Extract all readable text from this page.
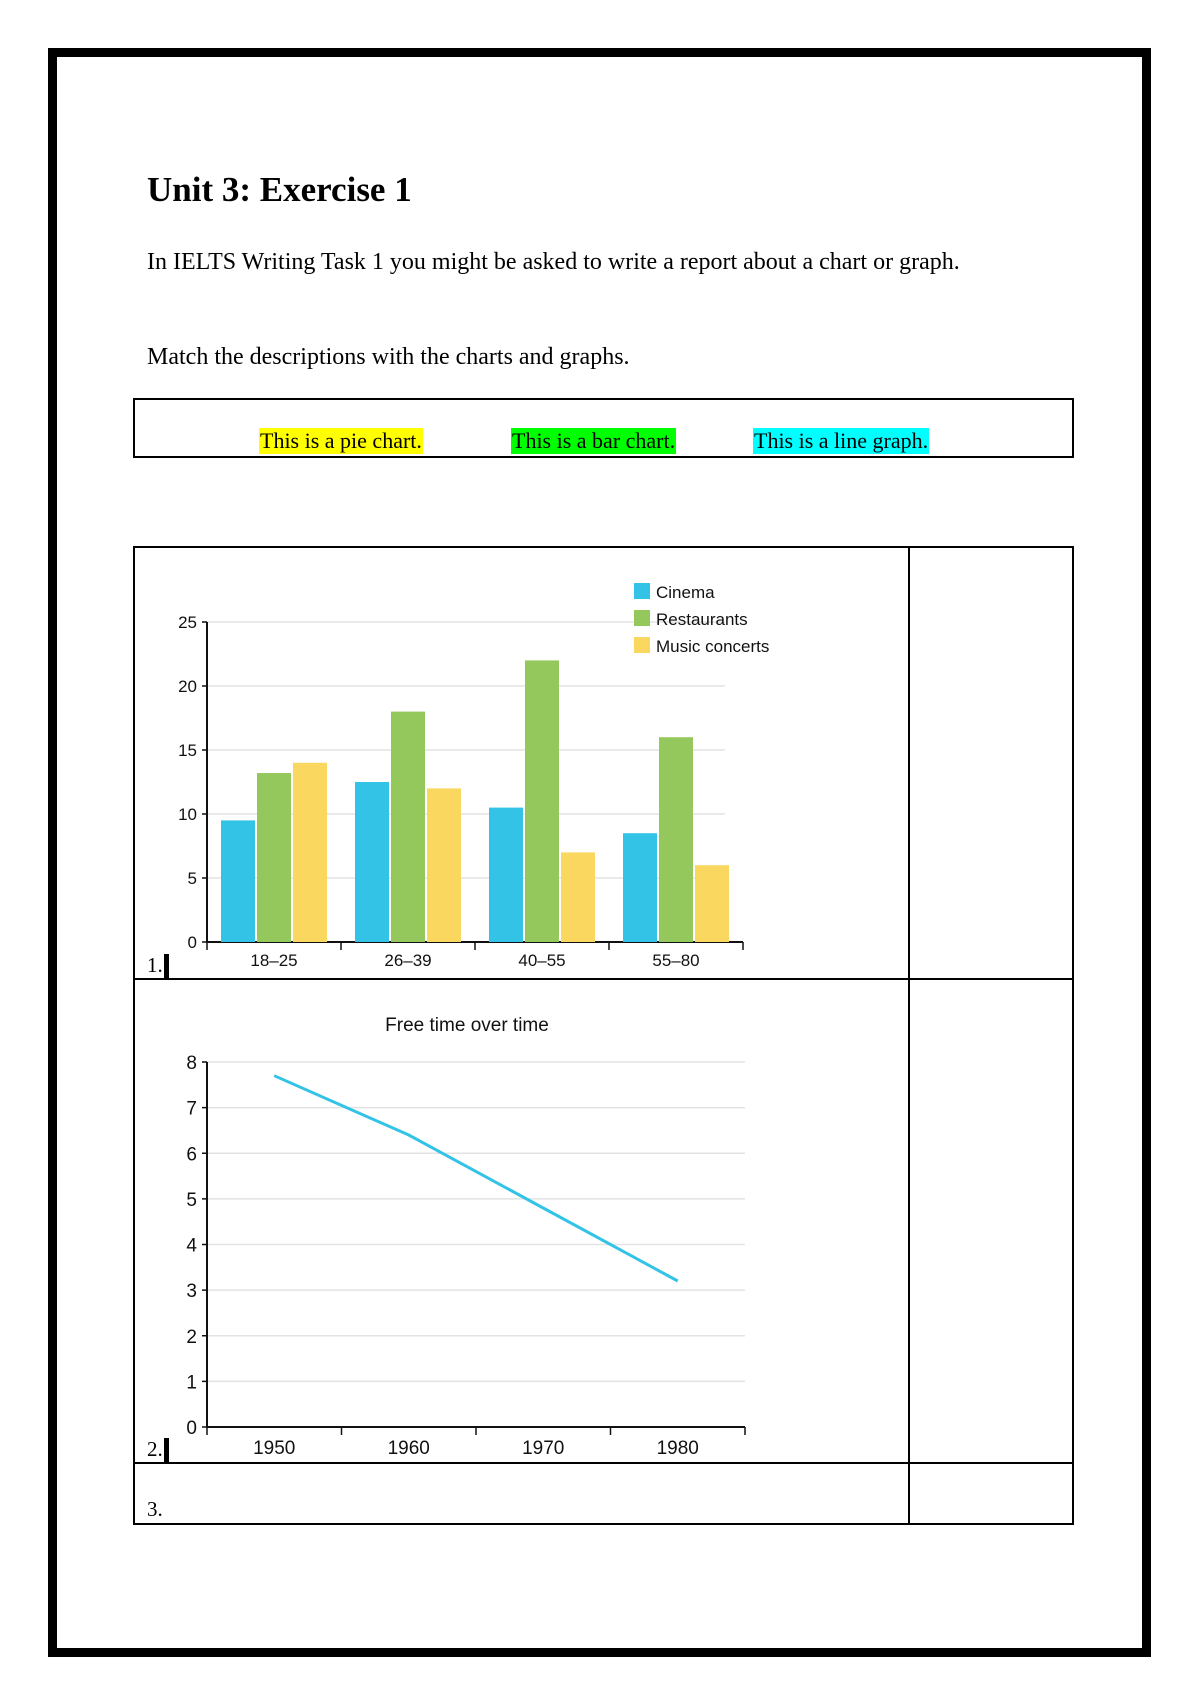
Unit 3: Exercise 1

In IELTS Writing Task 1 you might be asked to write a report about a chart or graph.

Match the descriptions with the charts and graphs.

This is a pie chart.	This is a bar chart.	This is a line graph.
0
5
10
15
20
25
18–25	26–39	40–55	55–80
Cinema
Restaurants
Music concerts
Free time over time
0
1
2
3
4
5
6
7
8
1950	1960	1970	1980
1.
2.
3.
